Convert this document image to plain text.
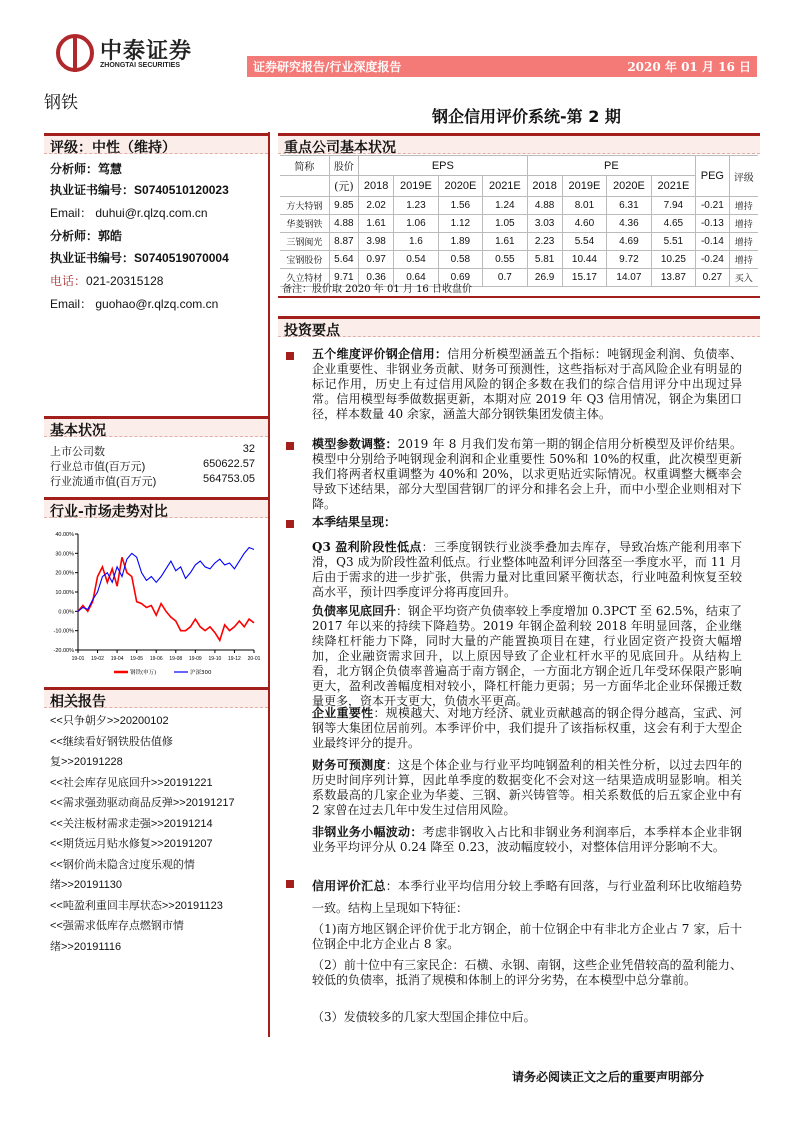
中泰证券
ZHONGTAI SECURITIES	证券研究报告/行业深度报告	2020 年 01 月 16 日
钢铁
钢企信用评价系统-第 2 期
评级：中性（维持）
分析师：笃慧
执业证书编号：S0740510120023
Email： duhui@r.qlzq.com.cn
分析师：郭皓
执业证书编号：S0740519070004
电话：021-20315128
Email： guohao@r.qlzq.com.cn
基本状况
上市公司数	32
行业总市值(百万元)	650622.57
行业流通市值(百万元)	564753.05
行业-市场走势对比
40.00%
30.00%
20.00%
10.00%
0.00%
-10.00%
-20.00%
19-01 19-02 19-04 19-05 19-06 19-08 19-09 19-10 19-12 20-01
钢铁(申万)	沪深300
相关报告
<<只争朝夕>>20200102
<<继续看好钢铁股估值修
复>>20191228
<<社会库存见底回升>>20191221
<<需求强劲驱动商品反弹>>20191217
<<关注板材需求走强>>20191214
<<期货远月贴水修复>>20191207
<<钢价尚未隐含过度乐观的情
绪>>20191130
<<吨盈利重回丰厚状态>>20191123
<<强需求低库存点燃钢市情
绪>>20191116
重点公司基本状况
简称	股价	EPS				PE				PEG	评级
	(元)	2018	2019E	2020E	2021E	2018	2019E	2020E	2021E		
方大特钢	9.85	2.02	1.23	1.56	1.24	4.88	8.01	6.31	7.94	-0.21	增持
华菱钢铁	4.88	1.61	1.06	1.12	1.05	3.03	4.60	4.36	4.65	-0.13	增持
三钢闽光	8.87	3.98	1.6	1.89	1.61	2.23	5.54	4.69	5.51	-0.14	增持
宝钢股份	5.64	0.97	0.54	0.58	0.55	5.81	10.44	9.72	10.25	-0.24	增持
久立特材	9.71	0.36	0.64	0.69	0.7	26.9	15.17	14.07	13.87	0.27	买入
备注：股价取 2020 年 01 月 16 日收盘价
投资要点
五个维度评价钢企信用：信用分析模型涵盖五个指标：吨钢现金利润、负债率、企业重要性、非钢业务贡献、财务可预测性，这些指标对于高风险企业有明显的标记作用，历史上有过信用风险的钢企多数在我们的综合信用评分中出现过异常。信用模型每季做数据更新，本期对应 2019 年 Q3 信用情况，钢企为集团口径，样本数量 40 余家，涵盖大部分钢铁集团发债主体。
模型参数调整：2019 年 8 月我们发布第一期的钢企信用分析模型及评价结果。模型中分别给予吨钢现金利润和企业重要性 50%和 10%的权重，此次模型更新我们将两者权重调整为 40%和 20%，以求更贴近实际情况。权重调整大概率会导致下述结果，部分大型国营钢厂的评分和排名会上升，而中小型企业则相对下降。
本季结果呈现：
Q3 盈利阶段性低点：三季度钢铁行业淡季叠加去库存，导致冶炼产能利用率下滑，Q3 成为阶段性盈利低点。行业整体吨盈利评分回落至一季度水平，而 11 月后由于需求的进一步扩张，供需力量对比重回紧平衡状态，行业吨盈利恢复至较高水平，预计四季度评分将再度回升。
负债率见底回升：钢企平均资产负债率较上季度增加 0.3PCT 至 62.5%，结束了 2017 年以来的持续下降趋势。2019 年钢企盈利较 2018 年明显回落，企业继续降杠杆能力下降，同时大量的产能置换项目在建，行业固定资产投资大幅增加，企业融资需求回升，以上原因导致了企业杠杆水平的见底回升。从结构上看，北方钢企负债率普遍高于南方钢企，一方面北方钢企近几年受环保限产影响更大，盈利改善幅度相对较小，降杠杆能力更弱；另一方面华北企业环保搬迁数量更多，资本开支更大，负债水平更高。
企业重要性：规模越大、对地方经济、就业贡献越高的钢企得分越高，宝武、河钢等大集团位居前列。本季评价中，我们提升了该指标权重，这会有利于大型企业最终评分的提升。
财务可预测度：这是个体企业与行业平均吨钢盈利的相关性分析，以过去四年的历史时间序列计算，因此单季度的数据变化不会对这一结果造成明显影响。相关系数最高的几家企业为华菱、三钢、新兴铸管等。相关系数低的后五家企业中有 2 家曾在过去几年中发生过信用风险。
非钢业务小幅波动：考虑非钢收入占比和非钢业务利润率后，本季样本企业非钢业务平均评分从 0.24 降至 0.23，波动幅度较小，对整体信用评分影响不大。
信用评价汇总：本季行业平均信用分较上季略有回落，与行业盈利环比收缩趋势一致。结构上呈现如下特征：
（1)南方地区钢企评价优于北方钢企，前十位钢企中有非北方企业占 7 家，后十位钢企中北方企业占 8 家。
（2）前十位中有三家民企：石横、永钢、南钢，这些企业凭借较高的盈利能力、较低的负债率，抵消了规模和体制上的评分劣势，在本模型中总分靠前。
（3）发债较多的几家大型国企排位中后。
请务必阅读正文之后的重要声明部分
